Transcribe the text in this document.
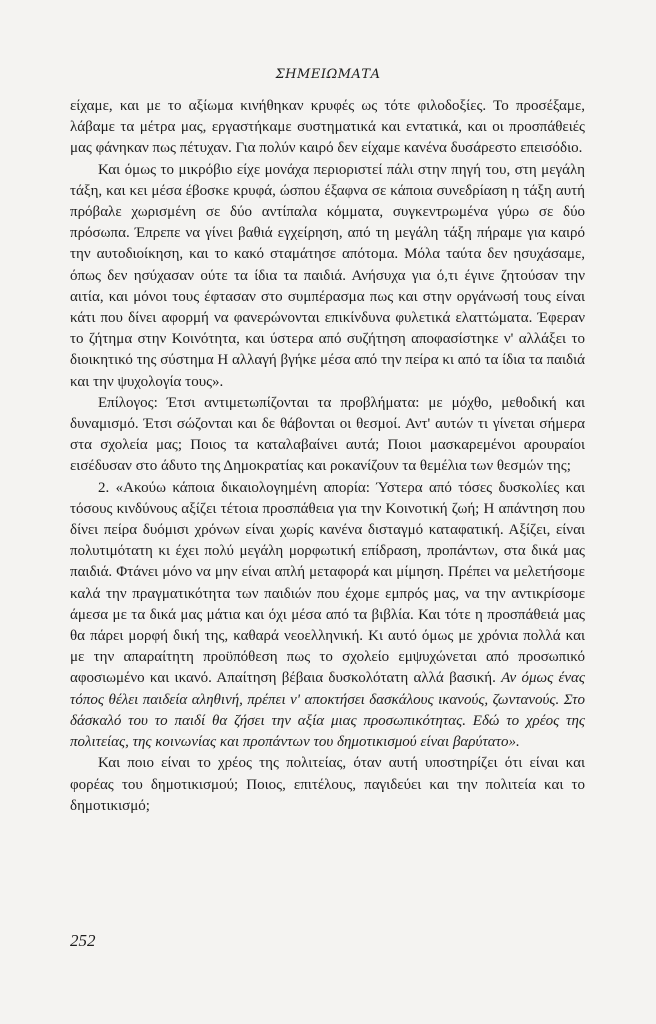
ΣΗΜΕΙΩΜΑΤΑ

είχαμε, και με το αξίωμα κινήθηκαν κρυφές ως τότε φιλοδοξίες. Το προσέξαμε, λάβαμε τα μέτρα μας, εργαστήκαμε συστηματικά και εντατικά, και οι προσπάθειές μας φάνηκαν πως πέτυχαν. Για πολύν καιρό δεν είχαμε κανένα δυσάρεστο επεισόδιο.

Και όμως το μικρόβιο είχε μονάχα περιοριστεί πάλι στην πηγή του, στη μεγάλη τάξη, και κει μέσα έβοσκε κρυφά, ώσπου έξαφνα σε κάποια συνεδρίαση η τάξη αυτή πρόβαλε χωρισμένη σε δύο αντίπαλα κόμματα, συγκεντρωμένα γύρω σε δύο πρόσωπα. Έπρεπε να γίνει βαθιά εγχείρηση, από τη μεγάλη τάξη πήραμε για καιρό την αυτοδιοίκηση, και το κακό σταμάτησε απότομα. Μόλα ταύτα δεν ησυχάσαμε, όπως δεν ησύχασαν ούτε τα ίδια τα παιδιά. Ανήσυχα για ό,τι έγινε ζητούσαν την αιτία, και μόνοι τους έφτασαν στο συμπέρασμα πως και στην οργάνωσή τους είναι κάτι που δίνει αφορμή να φανερώνονται επικίνδυνα φυλετικά ελαττώματα. Έφεραν το ζήτημα στην Κοινότητα, και ύστερα από συζήτηση αποφασίστηκε ν' αλλάξει το διοικητικό της σύστημα Η αλλαγή βγήκε μέσα από την πείρα κι από τα ίδια τα παιδιά και την ψυχολογία τους».

Επίλογος: Έτσι αντιμετωπίζονται τα προβλήματα: με μόχθο, μεθοδική και δυναμισμό. Έτσι σώζονται και δε θάβονται οι θεσμοί. Αντ' αυτών τι γίνεται σήμερα στα σχολεία μας; Ποιος τα καταλαβαίνει αυτά; Ποιοι μασκαρεμένοι αρουραίοι εισέδυσαν στο άδυτο της Δημοκρατίας και ροκανίζουν τα θεμέλια των θεσμών της;

2. «Ακούω κάποια δικαιολογημένη απορία: Ύστερα από τόσες δυσκολίες και τόσους κινδύνους αξίζει τέτοια προσπάθεια για την Κοινοτική ζωή; Η απάντηση που δίνει πείρα δυόμισι χρόνων είναι χωρίς κανένα δισταγμό καταφατική. Αξίζει, είναι πολυτιμότατη κι έχει πολύ μεγάλη μορφωτική επίδραση, προπάντων, στα δικά μας παιδιά. Φτάνει μόνο να μην είναι απλή μεταφορά και μίμηση. Πρέπει να μελετήσομε καλά την πραγματικότητα των παιδιών που έχομε εμπρός μας, να την αντικρίσομε άμεσα με τα δικά μας μάτια και όχι μέσα από τα βιβλία. Και τότε η προσπάθειά μας θα πάρει μορφή δική της, καθαρά νεοελληνική. Κι αυτό όμως με χρόνια πολλά και με την απαραίτητη προϋπόθεση πως το σχολείο εμψυχώνεται από προσωπικό αφοσιωμένο και ικανό. Απαίτηση βέβαια δυσκολότατη αλλά βασική. Αν όμως ένας τόπος θέλει παιδεία αληθινή, πρέπει ν' αποκτήσει δασκάλους ικανούς, ζωντανούς. Στο δάσκαλό του το παιδί θα ζήσει την αξία μιας προσωπικότητας. Εδώ το χρέος της πολιτείας, της κοινωνίας και προπάντων του δημοτικισμού είναι βαρύτατο».

Και ποιο είναι το χρέος της πολιτείας, όταν αυτή υποστηρίζει ότι είναι και φορέας του δημοτικισμού; Ποιος, επιτέλους, παγιδεύει και την πολιτεία και το δημοτικισμό;

252
